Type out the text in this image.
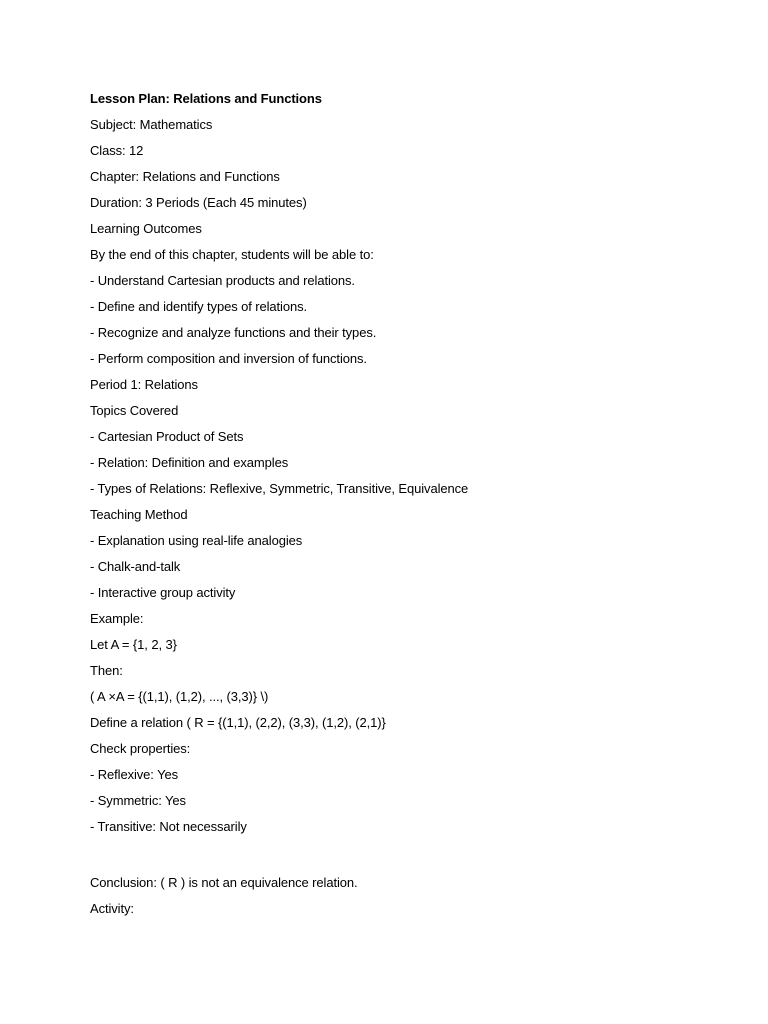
Lesson Plan: Relations and Functions
Subject: Mathematics
Class: 12
Chapter: Relations and Functions
Duration: 3 Periods (Each 45 minutes)
Learning Outcomes
By the end of this chapter, students will be able to:
- Understand Cartesian products and relations.
- Define and identify types of relations.
- Recognize and analyze functions and their types.
- Perform composition and inversion of functions.
Period 1: Relations
Topics Covered
- Cartesian Product of Sets
- Relation: Definition and examples
- Types of Relations: Reflexive, Symmetric, Transitive, Equivalence
Teaching Method
- Explanation using real-life analogies
- Chalk-and-talk
- Interactive group activity
Example:
Let A = {1, 2, 3}
Then:
( A ×A = {(1,1), (1,2), ..., (3,3)} \)
Define a relation ( R = {(1,1), (2,2), (3,3), (1,2), (2,1)}
Check properties:
- Reflexive: Yes
- Symmetric: Yes
- Transitive: Not necessarily
Conclusion: ( R ) is not an equivalence relation.
Activity:
